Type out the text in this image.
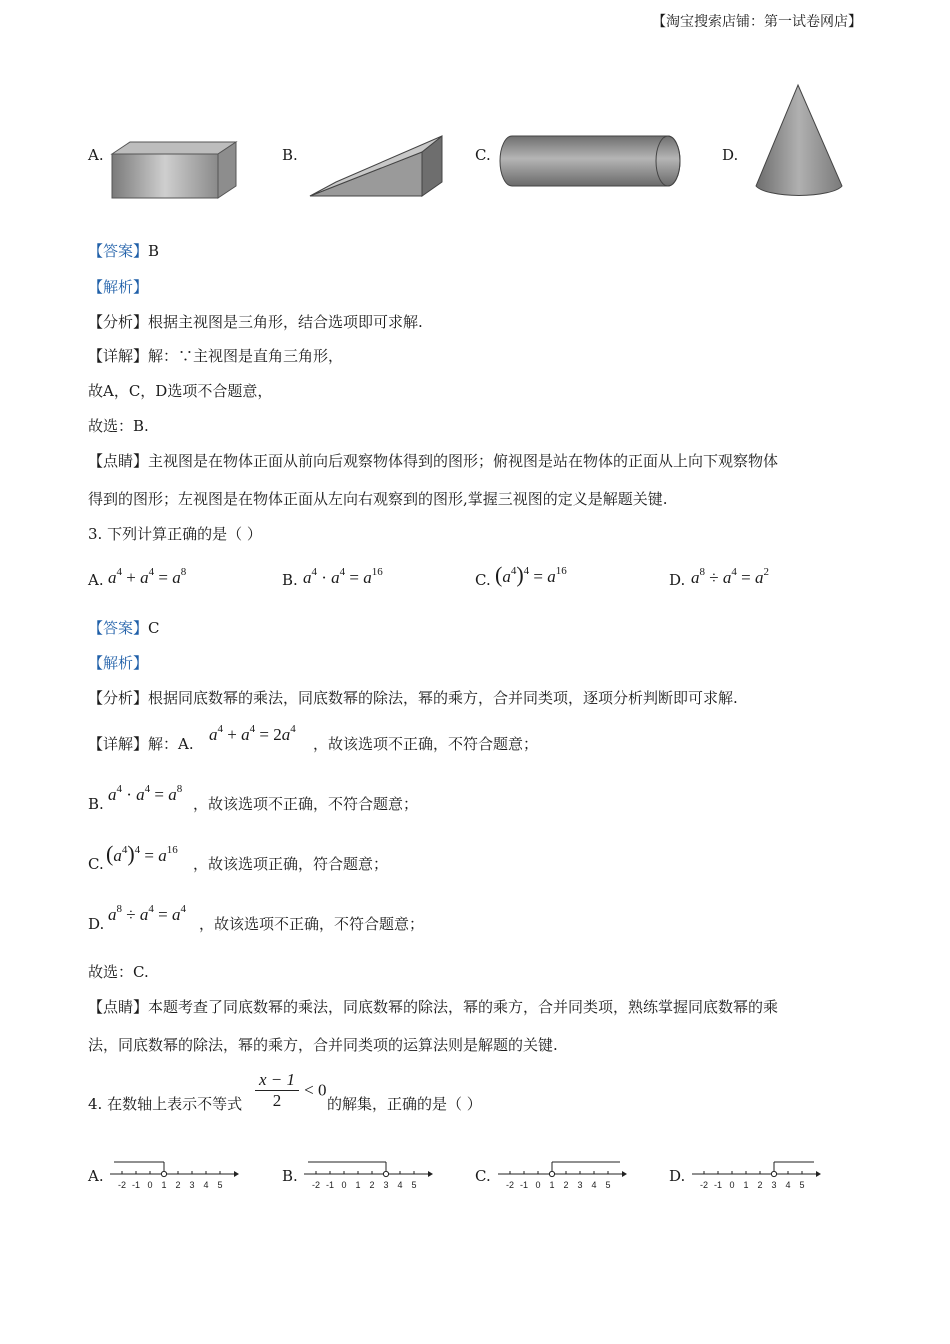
【淘宝搜索店铺：第一试卷网店】
A.	B.	C.	D.
【答案】B
【解析】
【分析】根据主视图是三角形，结合选项即可求解.
【详解】解：∵主视图是直角三角形，
故A，C，D选项不合题意，
故选：B.
【点睛】主视图是在物体正面从前向后观察物体得到的图形；俯视图是站在物体的正面从上向下观察物体
得到的图形；左视图是在物体正面从左向右观察到的图形,掌握三视图的定义是解题关键.
3. 下列计算正确的是（ ）
A. $a^4 + a^4 = a^8$	B. $a^4 \cdot a^4 = a^{16}$	C. $(a^4)^4 = a^{16}$	D. $a^8 \div a^4 = a^2$
【答案】C
【解析】
【分析】根据同底数幂的乘法，同底数幂的除法，幂的乘方，合并同类项，逐项分析判断即可求解.
【详解】解：A. $a^4 + a^4 = 2a^4$
，故该选项不正确，不符合题意；
B. $a^4 \cdot a^4 = a^8$
，故该选项不正确，不符合题意；
C. $(a^4)^4 = a^{16}$
，故该选项正确，符合题意；
D. $a^8 \div a^4 = a^4$
，故该选项不正确，不符合题意；
故选：C.
【点睛】本题考查了同底数幂的乘法，同底数幂的除法，幂的乘方，合并同类项，熟练掌握同底数幂的乘
法，同底数幂的除法，幂的乘方，合并同类项的运算法则是解题的关键.
4. 在数轴上表示不等式 $\frac{x - 1}{2} < 0$
的解集，正确的是（ ）
A. -2 -1 0 1 2 3 4 5	B. -2 -1 0 1 2 3 4 5	C. -2 -1 0 1 2 3 4 5	D. -2 -1 0 1 2 3 4 5
